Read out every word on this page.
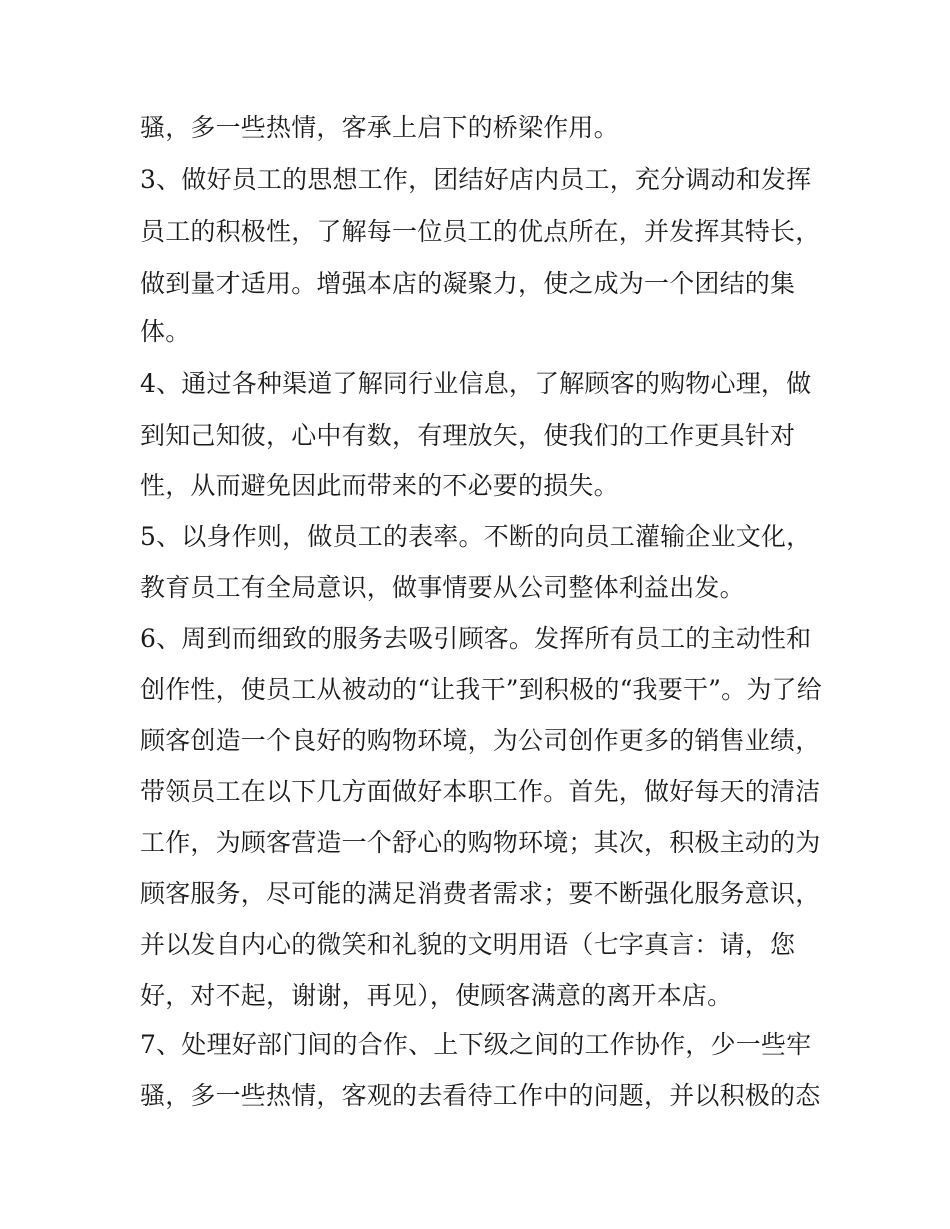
骚，多一些热情，客承上启下的桥梁作用。
3、做好员工的思想工作，团结好店内员工，充分调动和发挥
员工的积极性，了解每一位员工的优点所在，并发挥其特长，
做到量才适用。增强本店的凝聚力，使之成为一个团结的集
体。
4、通过各种渠道了解同行业信息，了解顾客的购物心理，做
到知己知彼，心中有数，有理放矢，使我们的工作更具针对
性，从而避免因此而带来的不必要的损失。
5、以身作则，做员工的表率。不断的向员工灌输企业文化，
教育员工有全局意识，做事情要从公司整体利益出发。
6、周到而细致的服务去吸引顾客。发挥所有员工的主动性和
创作性，使员工从被动的“让我干”到积极的“我要干”。为了给
顾客创造一个良好的购物环境，为公司创作更多的销售业绩，
带领员工在以下几方面做好本职工作。首先，做好每天的清洁
工作，为顾客营造一个舒心的购物环境；其次，积极主动的为
顾客服务，尽可能的满足消费者需求；要不断强化服务意识，
并以发自内心的微笑和礼貌的文明用语（七字真言：请，您
好，对不起，谢谢，再见），使顾客满意的离开本店。
7、处理好部门间的合作、上下级之间的工作协作，少一些牢
骚，多一些热情，客观的去看待工作中的问题，并以积极的态
